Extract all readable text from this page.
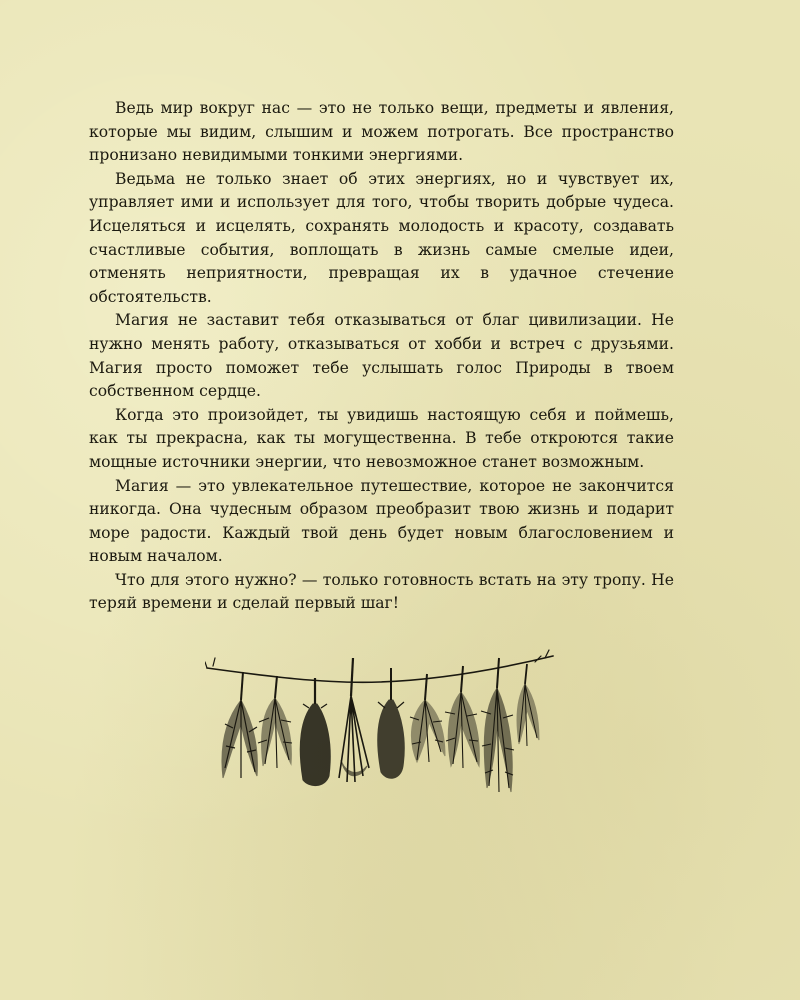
Ведь мир вокруг нас — это не только вещи, предметы и явления, которые мы видим, слышим и можем потрогать. Все пространство пронизано невидимыми тонкими энергиями.

Ведьма не только знает об этих энергиях, но и чувствует их, управляет ими и использует для того, чтобы творить добрые чудеса. Исцеляться и исцелять, сохранять молодость и красоту, создавать счастливые события, воплощать в жизнь самые смелые идеи, отменять неприятности, превращая их в удачное стечение обстоятельств.

Магия не заставит тебя отказываться от благ цивилизации. Не нужно менять работу, отказываться от хобби и встреч с друзьями. Магия просто поможет тебе услышать голос Природы в твоем собственном сердце.

Когда это произойдет, ты увидишь настоящую себя и поймешь, как ты прекрасна, как ты могущественна. В тебе откроются такие мощные источники энергии, что невозможное станет возможным.

Магия — это увлекательное путешествие, которое не закончится никогда. Она чудесным образом преобразит твою жизнь и подарит море радости. Каждый твой день будет новым благословением и новым началом.

Что для этого нужно? — только готовность встать на эту тропу. Не теряй времени и сделай первый шаг!
